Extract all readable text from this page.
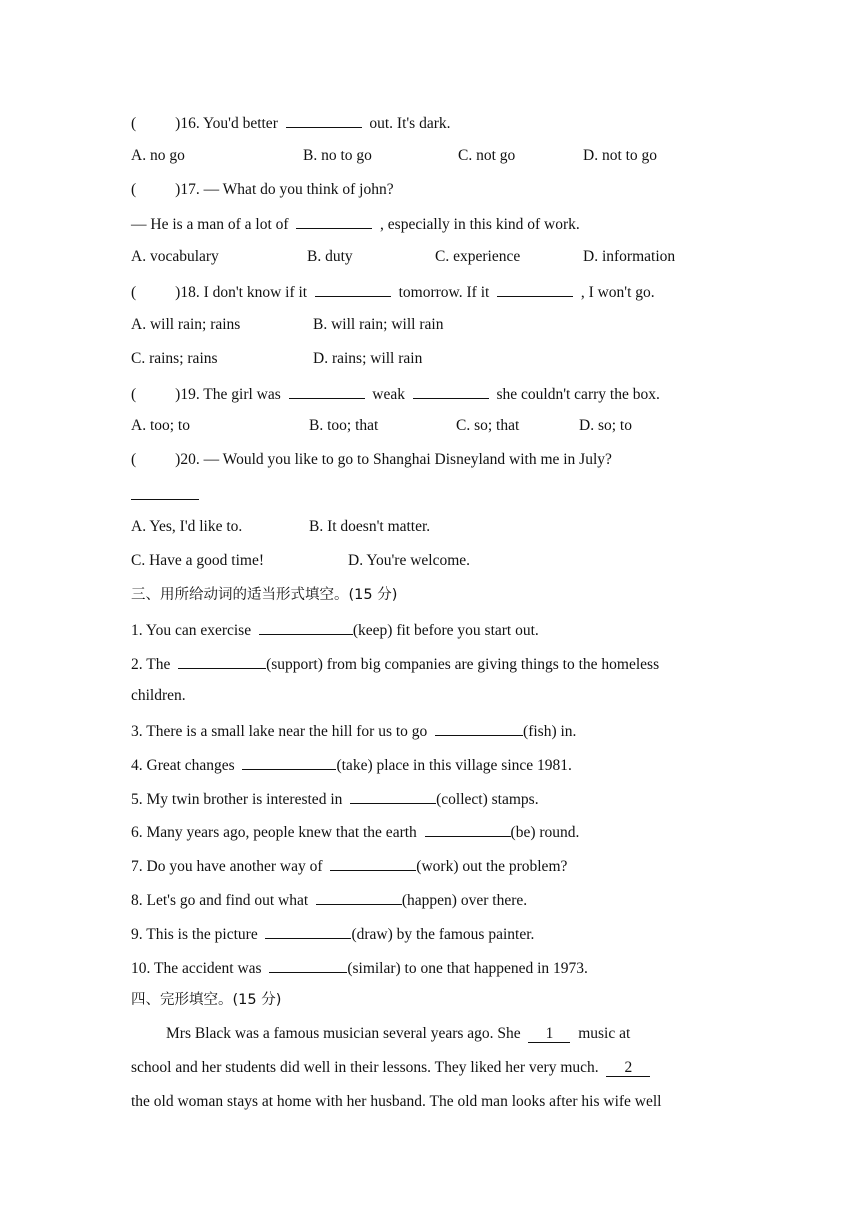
(	)16. You'd better	out. It's dark.
A. no go	B. no to go	C. not go	D. not to go
(	)17. — What do you think of john?
— He is a man of a lot of	, especially in this kind of work.
A. vocabulary	B. duty	C. experience	D. information
(	)18. I don't know if it	tomorrow. If it	, I won't go.
A. will rain; rains	B. will rain; will rain
C. rains; rains	D. rains; will rain
(	)19. The girl was	weak	she couldn't carry the box.
A. too; to	B. too; that	C. so; that	D. so; to
(	)20. — Would you like to go to Shanghai Disneyland with me in July?
A. Yes, I'd like to.	B. It doesn't matter.
C. Have a good time!	D. You're welcome.
三、用所给动词的适当形式填空。(15 分)
1. You can exercise	(keep) fit before you start out.
2. The	(support) from big companies are giving things to the homeless
children.
3. There is a small lake near the hill for us to go	(fish) in.
4. Great changes	(take) place in this village since 1981.
5. My twin brother is interested in	(collect) stamps.
6. Many years ago, people knew that the earth	(be) round.
7. Do you have another way of	(work) out the problem?
8. Let's go and find out what	(happen) over there.
9. This is the picture	(draw) by the famous painter.
10. The accident was	(similar) to one that happened in 1973.
四、完形填空。(15 分)
Mrs Black was a famous musician several years ago. She 1 music at
school and her students did well in their lessons. They liked her very much. 2
the old woman stays at home with her husband. The old man looks after his wife well
